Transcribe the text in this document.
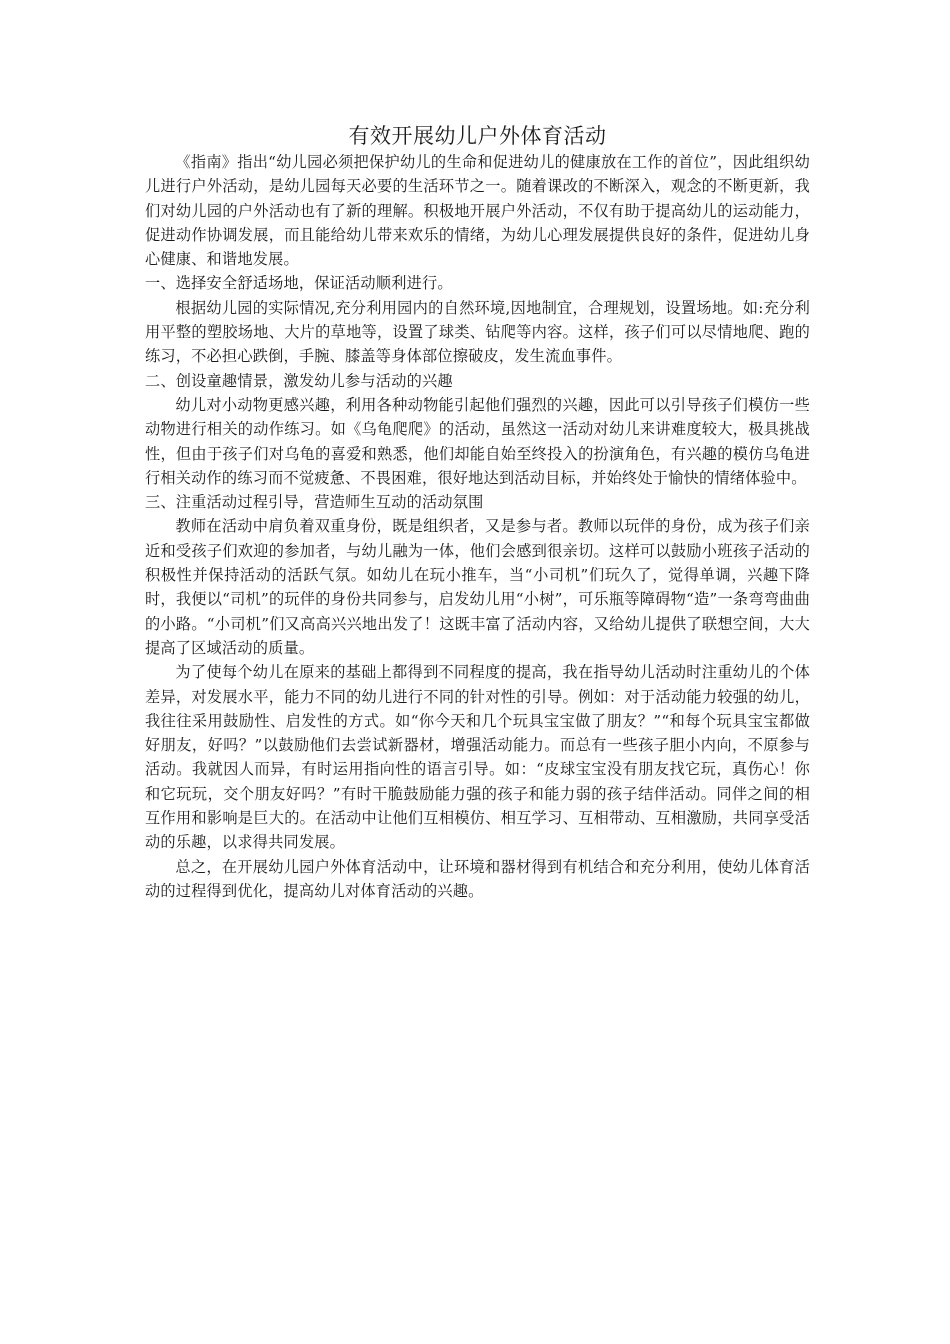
有效开展幼儿户外体育活动

《指南》指出“幼儿园必须把保护幼儿的生命和促进幼儿的健康放在工作的首位”，因此组织幼儿进行户外活动，是幼儿园每天必要的生活环节之一。随着课改的不断深入，观念的不断更新，我们对幼儿园的户外活动也有了新的理解。积极地开展户外活动，不仅有助于提高幼儿的运动能力，促进动作协调发展，而且能给幼儿带来欢乐的情绪，为幼儿心理发展提供良好的条件，促进幼儿身心健康、和谐地发展。

一、选择安全舒适场地，保证活动顺利进行。

根据幼儿园的实际情况,充分利用园内的自然环境,因地制宜，合理规划，设置场地。如:充分利用平整的塑胶场地、大片的草地等，设置了球类、钻爬等内容。这样，孩子们可以尽情地爬、跑的练习，不必担心跌倒，手腕、膝盖等身体部位擦破皮，发生流血事件。

二、创设童趣情景，激发幼儿参与活动的兴趣

幼儿对小动物更感兴趣，利用各种动物能引起他们强烈的兴趣，因此可以引导孩子们模仿一些动物进行相关的动作练习。如《乌龟爬爬》的活动，虽然这一活动对幼儿来讲难度较大，极具挑战性，但由于孩子们对乌龟的喜爱和熟悉，他们却能自始至终投入的扮演角色，有兴趣的模仿乌龟进行相关动作的练习而不觉疲惫、不畏困难，很好地达到活动目标，并始终处于愉快的情绪体验中。

三、注重活动过程引导，营造师生互动的活动氛围

教师在活动中肩负着双重身份，既是组织者，又是参与者。教师以玩伴的身份，成为孩子们亲近和受孩子们欢迎的参加者，与幼儿融为一体，他们会感到很亲切。这样可以鼓励小班孩子活动的积极性并保持活动的活跃气氛。如幼儿在玩小推车，当“小司机”们玩久了，觉得单调，兴趣下降时，我便以“司机”的玩伴的身份共同参与，启发幼儿用“小树”，可乐瓶等障碍物“造”一条弯弯曲曲的小路。“小司机”们又高高兴兴地出发了！这既丰富了活动内容，又给幼儿提供了联想空间，大大提高了区域活动的质量。

为了使每个幼儿在原来的基础上都得到不同程度的提高，我在指导幼儿活动时注重幼儿的个体差异，对发展水平，能力不同的幼儿进行不同的针对性的引导。例如：对于活动能力较强的幼儿，我往往采用鼓励性、启发性的方式。如“你今天和几个玩具宝宝做了朋友？”“和每个玩具宝宝都做好朋友，好吗？”以鼓励他们去尝试新器材，增强活动能力。而总有一些孩子胆小内向，不原参与活动。我就因人而异，有时运用指向性的语言引导。如：“皮球宝宝没有朋友找它玩，真伤心！你和它玩玩，交个朋友好吗？”有时干脆鼓励能力强的孩子和能力弱的孩子结伴活动。同伴之间的相互作用和影响是巨大的。在活动中让他们互相模仿、相互学习、互相带动、互相激励，共同享受活动的乐趣，以求得共同发展。

总之，在开展幼儿园户外体育活动中，让环境和器材得到有机结合和充分利用，使幼儿体育活动的过程得到优化，提高幼儿对体育活动的兴趣。
